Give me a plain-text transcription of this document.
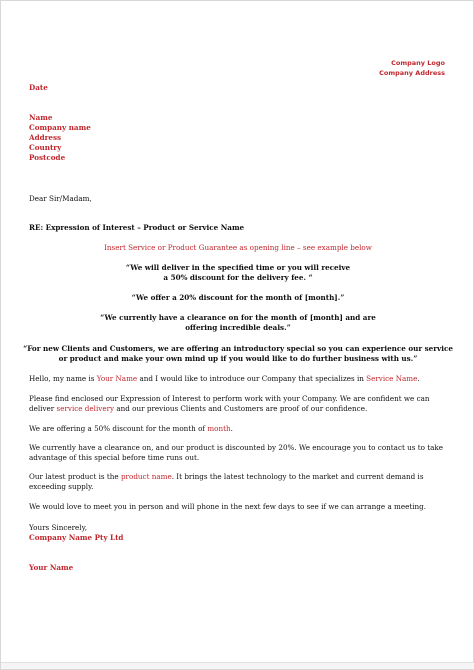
Company Logo
Company Address
Date
Name
Company name
Address
Country
Postcode
Dear Sir/Madam,
RE: Expression of Interest – Product or Service Name
Insert Service or Product Guarantee as opening line – see example below
“We will deliver in the specified time or you will receive
a 50% discount for the delivery fee. “
“We offer a 20% discount for the month of [month].”
“We currently have a clearance on for the month of [month] and are
offering incredible deals.”
“For new Clients and Customers, we are offering an introductory special so you can experience our service
or product and make your own mind up if you would like to do further business with us.”
Hello, my name is Your Name and I would like to introduce our Company that specializes in Service Name.
Please find enclosed our Expression of Interest to perform work with your Company. We are confident we can
deliver service delivery and our previous Clients and Customers are proof of our confidence.
We are offering a 50% discount for the month of month.
We currently have a clearance on, and our product is discounted by 20%. We encourage you to contact us to take
advantage of this special before time runs out.
Our latest product is the product name. It brings the latest technology to the market and current demand is
exceeding supply.
We would love to meet you in person and will phone in the next few days to see if we can arrange a meeting.
Yours Sincerely,
Company Name Pty Ltd
Your Name
